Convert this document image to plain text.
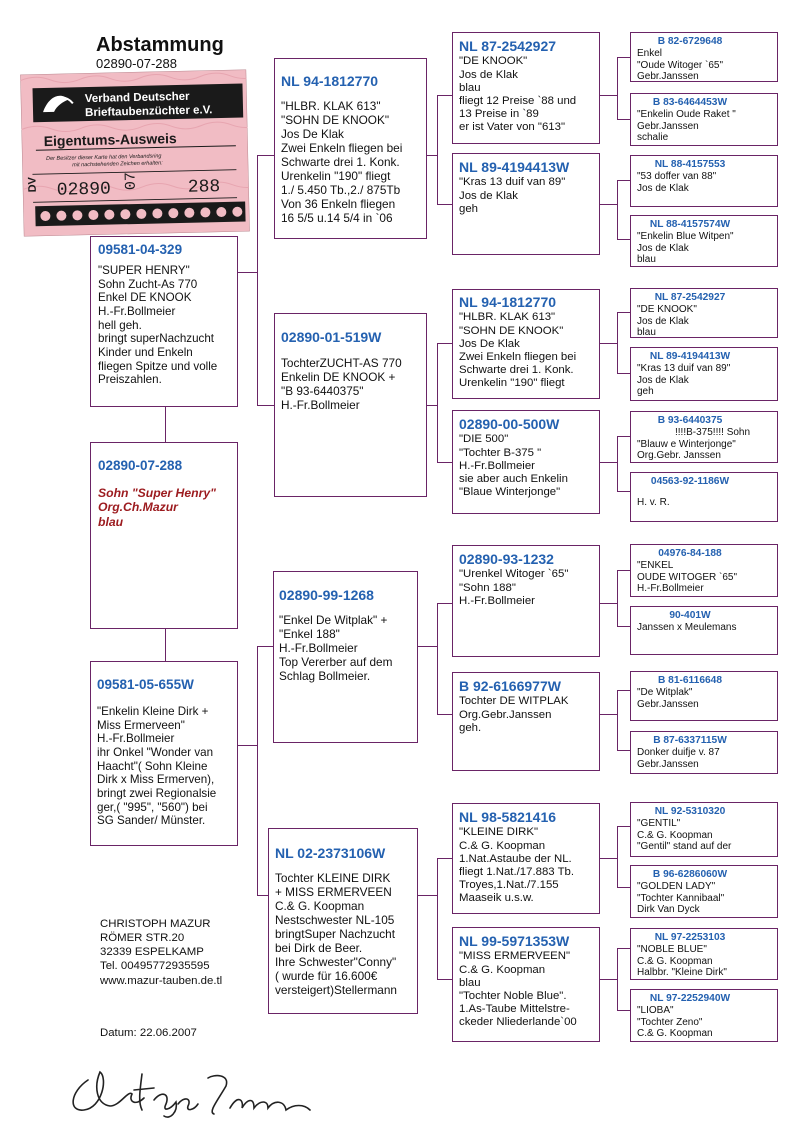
Abstammung
02890-07-288
09581-04-329
"SUPER HENRY"
Sohn Zucht-As 770
Enkel DE KNOOK
H.-Fr.Bollmeier
hell geh.
bringt superNachzucht
Kinder und Enkeln
fliegen Spitze und volle
Preiszahlen.
02890-07-288
Sohn "Super Henry"
Org.Ch.Mazur
blau
09581-05-655W
"Enkelin Kleine Dirk +
Miss Ermerveen"
H.-Fr.Bollmeier
ihr Onkel "Wonder van
Haacht"( Sohn Kleine
Dirk x Miss Ermerven),
bringt zwei Regionalsie
ger,( "995", "560") bei
SG Sander/ Münster.
NL 94-1812770
"HLBR. KLAK 613"
"SOHN DE KNOOK"
Jos De Klak
Zwei Enkeln fliegen bei
Schwarte drei 1. Konk.
Urenkelin "190" fliegt
1./ 5.450 Tb.,2./ 875Tb
Von 36 Enkeln fliegen
16 5/5 u.14 5/4 in `06
02890-01-519W
TochterZUCHT-AS 770
Enkelin DE KNOOK +
"B 93-6440375"
H.-Fr.Bollmeier
02890-99-1268
"Enkel De Witplak" +
"Enkel 188"
H.-Fr.Bollmeier
Top Vererber auf dem
Schlag Bollmeier.
NL 02-2373106W
Tochter KLEINE DIRK
+ MISS ERMERVEEN
C.& G. Koopman
Nestschwester NL-105
bringtSuper Nachzucht
bei Dirk de Beer.
Ihre Schwester"Conny"
( wurde für 16.600€
versteigert)Stellermann
NL 87-2542927
"DE KNOOK"
Jos de Klak
blau
fliegt 12 Preise `88 und
13 Preise in `89
er ist Vater von "613"
NL 89-4194413W
"Kras 13 duif van 89"
Jos de Klak
geh
NL 94-1812770
"HLBR. KLAK 613"
"SOHN DE KNOOK"
Jos De Klak
Zwei Enkeln fliegen bei
Schwarte drei 1. Konk.
Urenkelin "190" fliegt
02890-00-500W
"DIE 500"
"Tochter B-375 "
H.-Fr.Bollmeier
sie aber auch Enkelin
"Blaue Winterjonge"
02890-93-1232
"Urenkel Witoger `65"
"Sohn 188"
H.-Fr.Bollmeier
B 92-6166977W
Tochter DE WITPLAK
Org.Gebr.Janssen
geh.
NL 98-5821416
"KLEINE DIRK"
C.& G. Koopman
1.Nat.Astaube der NL.
fliegt 1.Nat./17.883 Tb.
Troyes,1.Nat./7.155
Maaseik u.s.w.
NL 99-5971353W
"MISS ERMERVEEN"
C.& G. Koopman
blau
"Tochter Noble Blue".
1.As-Taube Mittelstre-
ckeder Nliederlande`00
B 82-6729648
Enkel
"Oude Witoger `65"
Gebr.Janssen
B 83-6464453W
"Enkelin Oude Raket "
Gebr.Janssen
schalie
NL 88-4157553
"53 doffer van 88"
Jos de Klak
NL 88-4157574W
"Enkelin Blue Witpen"
Jos de Klak
blau
NL 87-2542927
"DE KNOOK"
Jos de Klak
blau
NL 89-4194413W
"Kras 13 duif van 89"
Jos de Klak
geh
B 93-6440375
!!!!B-375!!!! Sohn
"Blauw e Winterjonge"
Org.Gebr. Janssen
04563-92-1186W
H. v. R.
04976-84-188
"ENKEL
OUDE WITOGER `65"
H.-Fr.Bollmeier
90-401W
Janssen x Meulemans
B 81-6116648
"De Witplak"
Gebr.Janssen
B 87-6337115W
Donker duifje v. 87
Gebr.Janssen
NL 92-5310320
"GENTIL"
C.& G. Koopman
"Gentil" stand auf der
B 96-6286060W
"GOLDEN LADY"
"Tochter Kannibaal"
Dirk Van Dyck
NL 97-2253103
"NOBLE BLUE"
C.& G. Koopman
Halbbr. "Kleine Dirk"
NL 97-2252940W
"LIOBA"
"Tochter Zeno"
C.& G. Koopman
Verband Deutscher
Brieftaubenzüchter e.V.
Eigentums-Ausweis
Der Besitzer dieser Karte hat den Verbandsring
mit nachstehenden Zeichen erhalten:
DV 02890 07	288
CHRISTOPH MAZUR
RÖMER STR.20
32339 ESPELKAMP
Tel. 00495772935595
www.mazur-tauben.de.tl
Datum: 22.06.2007
